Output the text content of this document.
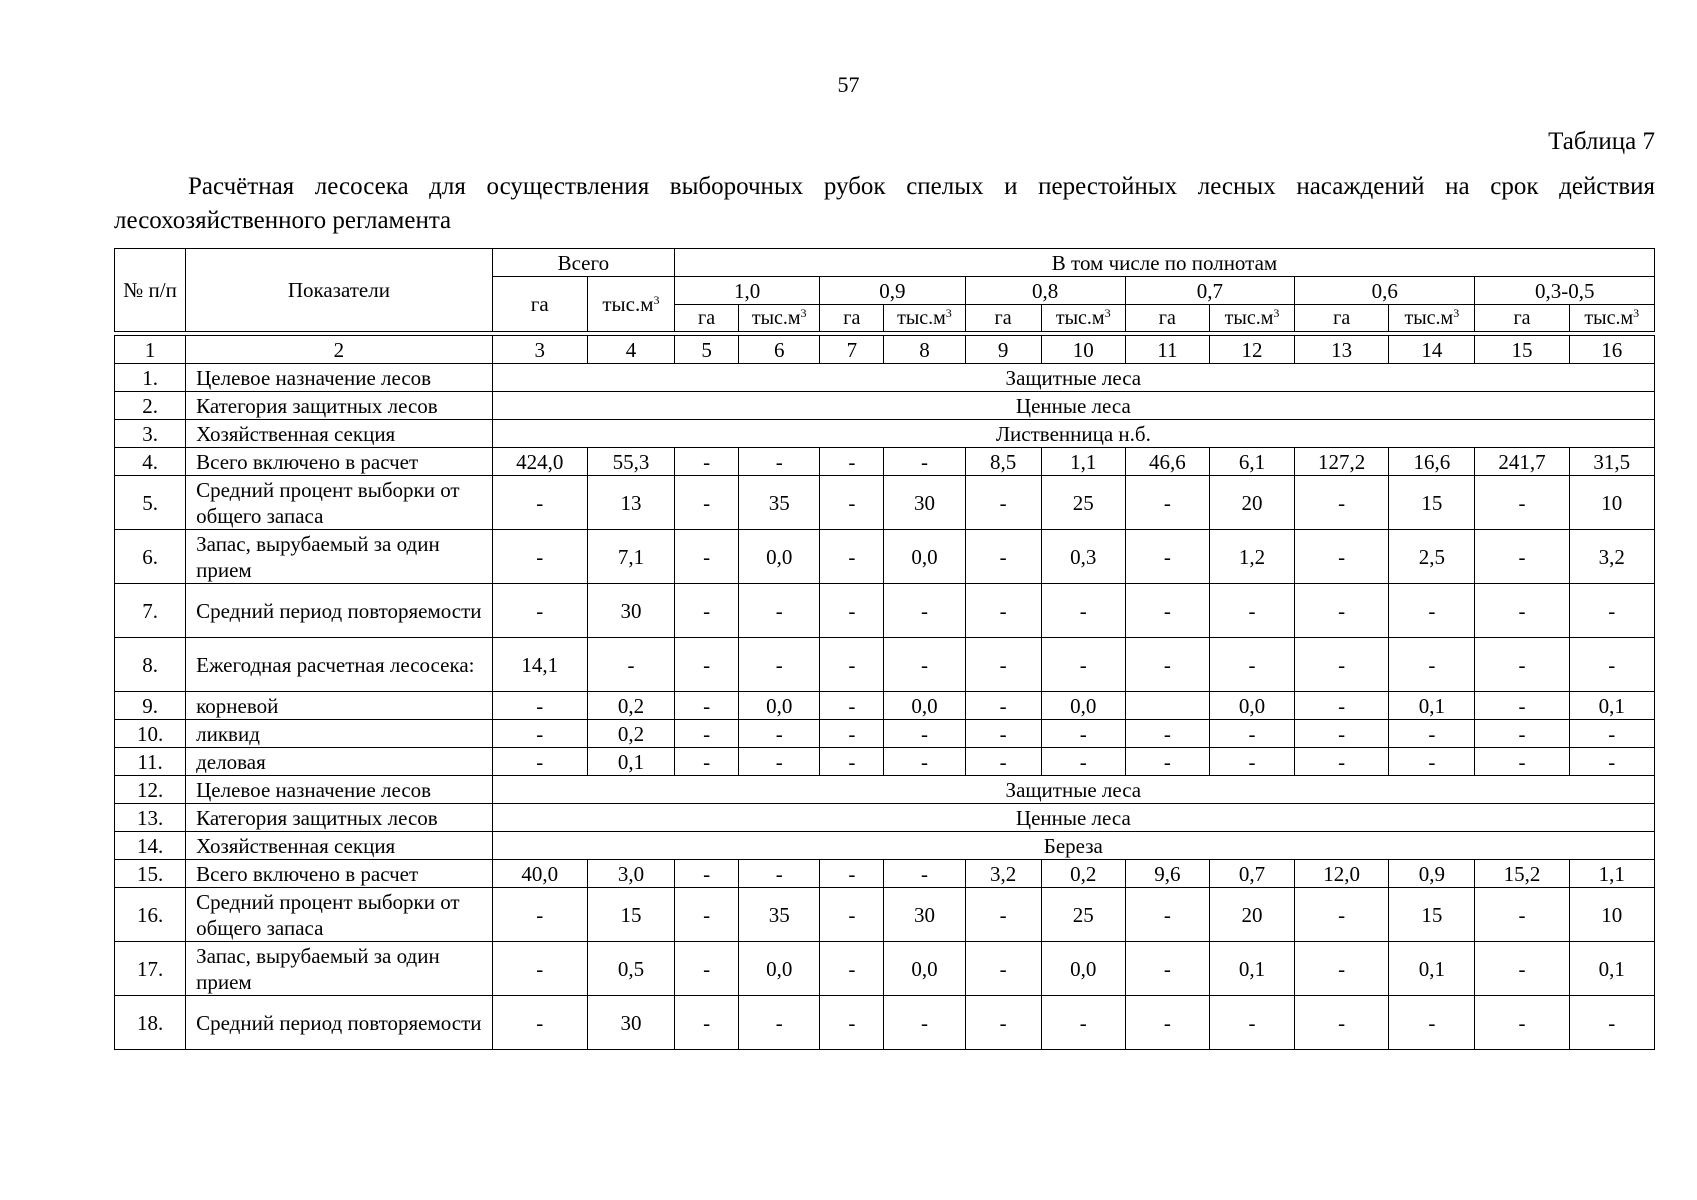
57
Таблица 7
Расчётная лесосека для осуществления выборочных рубок спелых и перестойных лесных насаждений на срок действия лесохозяйственного регламента
№ п/п	Показатели	Всего		В том числе по полнотам											
		га	$тыс.м^3$	1,0		0,9		0,8		0,7		0,6		0,3-0,5	
				га	$тыс.м^3$	га	$тыс.м^3$	га	$тыс.м^3$	га	$тыс.м^3$	га	$тыс.м^3$	га	$тыс.м^3$

1	2	3	4	5	6	7	8	9	10	11	12	13	14	15	16
1.	Целевое назначение лесов	Защитные леса													
2.	Категория защитных лесов	Ценные леса													
3.	Хозяйственная секция	Лиственница н.б.													
4.	Всего включено в расчет	424,0	55,3	-	-	-	-	8,5	1,1	46,6	6,1	127,2	16,6	241,7	31,5
5.	Средний процент выборки от общего запаса	-	13	-	35	-	30	-	25	-	20	-	15	-	10
6.	Запас, вырубаемый за один прием	-	7,1	-	0,0	-	0,0	-	0,3	-	1,2	-	2,5	-	3,2
7.	Средний период повторяемости	-	30	-	-	-	-	-	-	-	-	-	-	-	-
8.	Ежегодная расчетная лесосека:	14,1	-	-	-	-	-	-	-	-	-	-	-	-	-
9.	корневой	-	0,2	-	0,0	-	0,0	-	0,0		0,0	-	0,1	-	0,1
10.	ликвид	-	0,2	-	-	-	-	-	-	-	-	-	-	-	-
11.	деловая	-	0,1	-	-	-	-	-	-	-	-	-	-	-	-
12.	Целевое назначение лесов	Защитные леса													
13.	Категория защитных лесов	Ценные леса													
14.	Хозяйственная секция	Береза													
15.	Всего включено в расчет	40,0	3,0	-	-	-	-	3,2	0,2	9,6	0,7	12,0	0,9	15,2	1,1
16.	Средний процент выборки от общего запаса	-	15	-	35	-	30	-	25	-	20	-	15	-	10
17.	Запас, вырубаемый за один прием	-	0,5	-	0,0	-	0,0	-	0,0	-	0,1	-	0,1	-	0,1
18.	Средний период повторяемости	-	30	-	-	-	-	-	-	-	-	-	-	-	-
